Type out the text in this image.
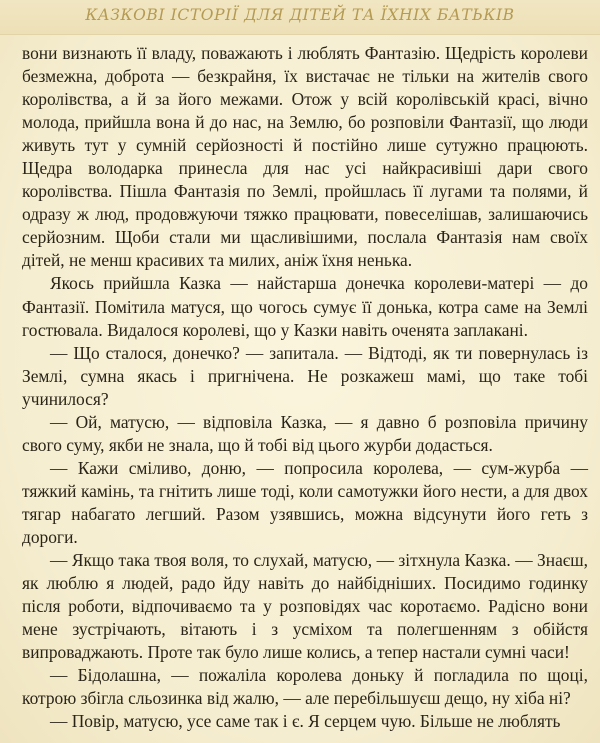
КАЗКОВІ ІСТОРІЇ ДЛЯ ДІТЕЙ ТА ЇХНІХ БАТЬКІВ

вони визнають її владу, поважають і люблять Фантазію. Щедрість королеви безмежна, доброта — безкрайня, їх вистачає не тільки на жителів свого королівства, а й за його межами. Отож у всій королівській красі, вічно молода, прийшла вона й до нас, на Землю, бо розповіли Фантазії, що люди живуть тут у сумній серйозності й постійно лише сутужно працюють. Щедра володарка принесла для нас усі найкрасивіші дари свого королівства. Пішла Фантазія по Землі, пройшлась її лугами та полями, й одразу ж люд, продовжуючи тяжко працювати, повеселішав, залишаючись серйозним. Щоби стали ми щасливішими, послала Фантазія нам своїх дітей, не менш красивих та милих, аніж їхня ненька.

Якось прийшла Казка — найстарша донечка королеви-матері — до Фантазії. Помітила матуся, що чогось сумує її донька, котра саме на Землі гостювала. Видалося королеві, що у Казки навіть оченята заплакані.

— Що сталося, донечко? — запитала. — Відтоді, як ти повернулась із Землі, сумна якась і пригнічена. Не розкажеш мамі, що таке тобі учинилося?

— Ой, матусю, — відповіла Казка, — я давно б розповіла причину свого суму, якби не знала, що й тобі від цього журби додасться.

— Кажи сміливо, доню, — попросила королева, — сум-журба — тяжкий камінь, та гнітить лише тоді, коли самотужки його нести, а для двох тягар набагато легший. Разом узявшись, можна відсунути його геть з дороги.

— Якщо така твоя воля, то слухай, матусю, — зітхнула Казка. — Знаєш, як люблю я людей, радо йду навіть до найбідніших. Посидимо годинку після роботи, відпочиваємо та у розповідях час коротаємо. Радісно вони мене зустрічають, вітають і з усміхом та полегшенням з обійстя випроваджають. Проте так було лише колись, а тепер настали сумні часи!

— Бідолашна, — пожаліла королева доньку й погладила по щоці, котрою збігла сльозинка від жалю, — але перебільшуєш дещо, ну хіба ні?

— Повір, матусю, усе саме так і є. Я серцем чую. Більше не люблять
